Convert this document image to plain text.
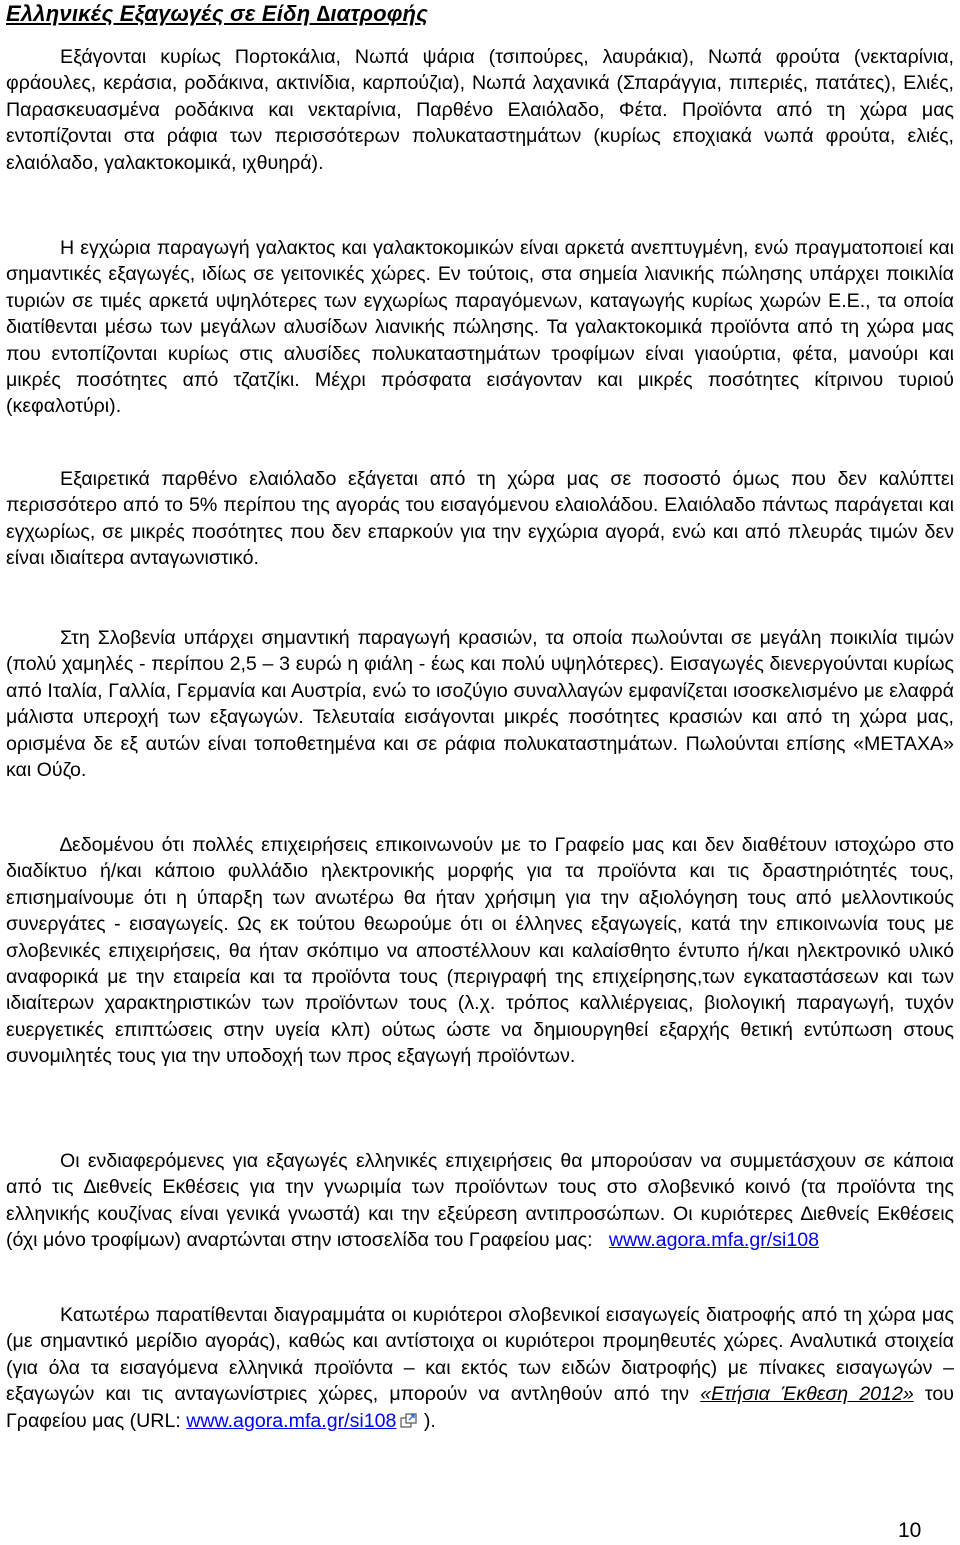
Ελληνικές Εξαγωγές σε Είδη ∆ιατροφής

Εξάγονται κυρίως Πορτοκάλια, Νωπά ψάρια (τσιπούρες, λαυράκια), Νωπά φρούτα (νεκταρίνια, φράουλες, κεράσια, ροδάκινα, ακτινίδια, καρπούζια), Νωπά λαχανικά (Σπαράγγια, πιπεριές, πατάτες), Ελιές, Παρασκευασμένα ροδάκινα και νεκταρίνια, Παρθένο Ελαιόλαδο, Φέτα. Προϊόντα από τη χώρα μας εντοπίζονται στα ράφια των περισσότερων πολυκαταστημάτων (κυρίως εποχιακά νωπά φρούτα, ελιές, ελαιόλαδο, γαλακτοκομικά, ιχθυηρά).

Η εγχώρια παραγωγή γαλακτος και γαλακτοκομικών είναι αρκετά ανεπτυγμένη, ενώ πραγματοποιεί και σημαντικές εξαγωγές, ιδίως σε γειτονικές χώρες. Εν τούτοις, στα σημεία λιανικής πώλησης υπάρχει ποικιλία τυριών σε τιμές αρκετά υψηλότερες των εγχωρίως παραγόμενων, καταγωγής κυρίως χωρών Ε.Ε., τα οποία διατίθενται μέσω των μεγάλων αλυσίδων λιανικής πώλησης. Τα γαλακτοκομικά προϊόντα από τη χώρα μας που εντοπίζονται κυρίως στις αλυσίδες πολυκαταστημάτων τροφίμων είναι γιαούρτια, φέτα, μανούρι και μικρές ποσότητες από τζατζίκι. Μέχρι πρόσφατα εισάγονταν και μικρές ποσότητες κίτρινου τυριού (κεφαλοτύρι).

Εξαιρετικά παρθένο ελαιόλαδο εξάγεται από τη χώρα μας σε ποσοστό όμως που δεν καλύπτει περισσότερο από το 5% περίπου της αγοράς του εισαγόμενου ελαιολάδου. Ελαιόλαδο πάντως παράγεται και εγχωρίως, σε μικρές ποσότητες που δεν επαρκούν για την εγχώρια αγορά, ενώ και από πλευράς τιμών δεν είναι ιδιαίτερα ανταγωνιστικό.

Στη Σλοβενία υπάρχει σημαντική παραγωγή κρασιών, τα οποία πωλούνται σε μεγάλη ποικιλία τιμών (πολύ χαμηλές - περίπου 2,5 – 3 ευρώ η φιάλη - έως και πολύ υψηλότερες). Εισαγωγές διενεργούνται κυρίως από Ιταλία, Γαλλία, Γερμανία και Αυστρία, ενώ το ισοζύγιο συναλλαγών εμφανίζεται ισοσκελισμένο με ελαφρά μάλιστα υπεροχή των εξαγωγών. Τελευταία εισάγονται μικρές ποσότητες κρασιών και από τη χώρα μας, ορισμένα δε εξ αυτών είναι τοποθετημένα και σε ράφια πολυκαταστημάτων. Πωλούνται επίσης «ΜΕΤΑΧΑ» και Ούζο.

∆εδομένου ότι πολλές επιχειρήσεις επικοινωνούν με το Γραφείο μας και δεν διαθέτουν ιστοχώρο στο διαδίκτυο ή/και κάποιο φυλλάδιο ηλεκτρονικής μορφής για τα προϊόντα και τις δραστηριότητές τους, επισημαίνουμε ότι η ύπαρξη των ανωτέρω θα ήταν χρήσιμη για την αξιολόγηση τους από μελλοντικούς συνεργάτες - εισαγωγείς. Ως εκ τούτου θεωρούμε ότι οι έλληνες εξαγωγείς, κατά την επικοινωνία τους με σλοβενικές επιχειρήσεις, θα ήταν σκόπιμο να αποστέλλουν και καλαίσθητο έντυπο ή/και ηλεκτρονικό υλικό αναφορικά με την εταιρεία και τα προϊόντα τους (περιγραφή της επιχείρησης,των εγκαταστάσεων και των ιδιαίτερων χαρακτηριστικών των προϊόντων τους (λ.χ. τρόπος καλλιέργειας, βιολογική παραγωγή, τυχόν ευεργετικές επιπτώσεις στην υγεία κλπ) ούτως ώστε να δημιουργηθεί εξαρχής θετική εντύπωση στους συνομιλητές τους για την υποδοχή των προς εξαγωγή προϊόντων.

Οι ενδιαφερόμενες για εξαγωγές ελληνικές επιχειρήσεις θα μπορούσαν να συμμετάσχουν σε κάποια από τις ∆ιεθνείς Εκθέσεις για την γνωριμία των προϊόντων τους στο σλοβενικό κοινό (τα προϊόντα της ελληνικής κουζίνας είναι γενικά γνωστά) και την εξεύρεση αντιπροσώπων. Οι κυριότερες ∆ιεθνείς Εκθέσεις (όχι μόνο τροφίμων) αναρτώνται στην ιστοσελίδα του Γραφείου μας: www.agora.mfa.gr/si108

Κατωτέρω παρατίθενται διαγραμμάτα οι κυριότεροι σλοβενικοί εισαγωγείς διατροφής από τη χώρα μας (με σημαντικό μερίδιο αγοράς), καθώς και αντίστοιχα οι κυριότεροι προμηθευτές χώρες. Αναλυτικά στοιχεία (για όλα τα εισαγόμενα ελληνικά προϊόντα – και εκτός των ειδών διατροφής) με πίνακες εισαγωγών – εξαγωγών και τις ανταγωνίστριες χώρες, μπορούν να αντληθούν από την «Ετήσια Έκθεση 2012» του Γραφείου μας (URL: www.agora.mfa.gr/si108 ).

10
